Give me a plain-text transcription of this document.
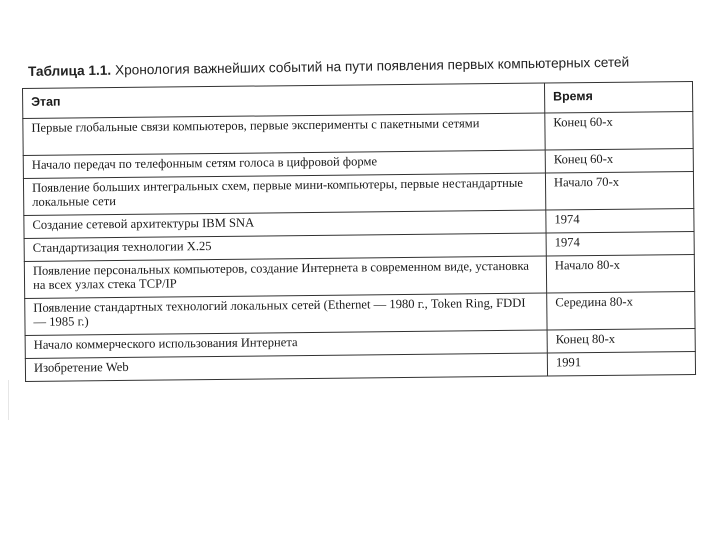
Таблица 1.1. Хронология важнейших событий на пути появления первых компьютерных сетей
Этап	Время
Первые глобальные связи компьютеров, первые эксперименты с пакетными сетями	Конец 60-х
Начало передач по телефонным сетям голоса в цифровой форме	Конец 60-х
Появление больших интегральных схем, первые мини-компьютеры, первые нестандартные локальные сети	Начало 70-х
Создание сетевой архитектуры IBM SNA	1974
Стандартизация технологии X.25	1974
Появление персональных компьютеров, создание Интернета в современном виде, установка на всех узлах стека TCP/IP	Начало 80-х
Появление стандартных технологий локальных сетей (Ethernet — 1980 г., Token Ring, FDDI — 1985 г.)	Середина 80-х
Начало коммерческого использования Интернета	Конец 80-х
Изобретение Web	1991
